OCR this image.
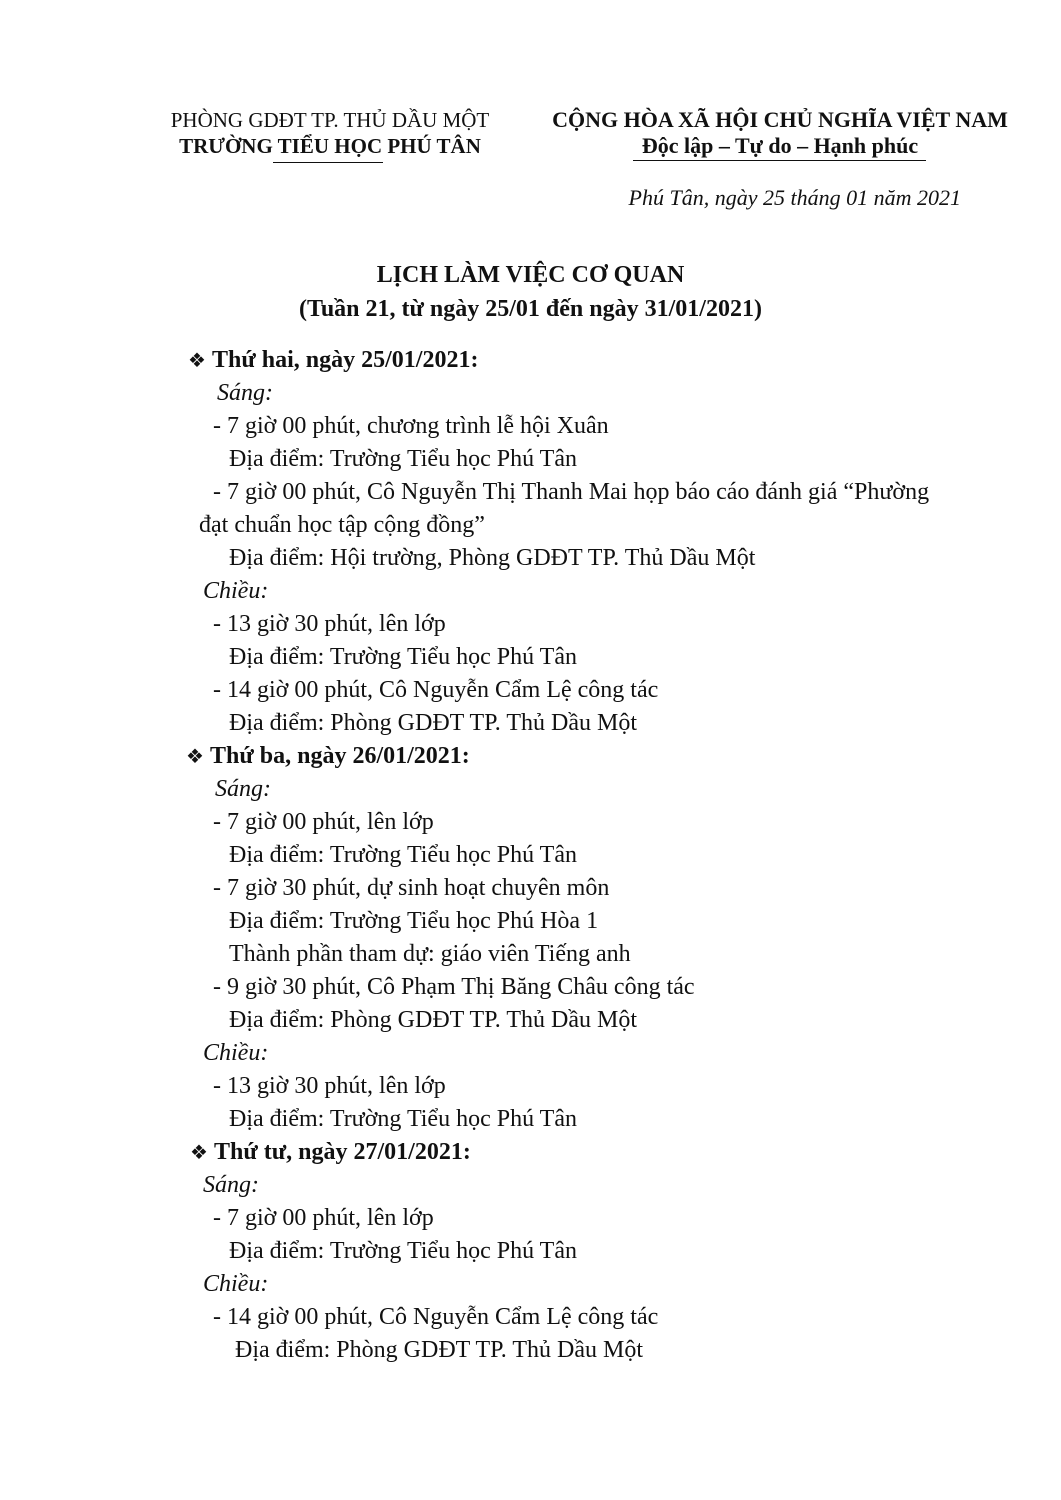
PHÒNG GDĐT TP. THỦ DẦU MỘT
TRƯỜNG TIỂU HỌC PHÚ TÂN
CỘNG HÒA XÃ HỘI CHỦ NGHĨA VIỆT NAM
Độc lập – Tự do – Hạnh phúc
Phú Tân, ngày 25 tháng 01 năm 2021
LỊCH LÀM VIỆC CƠ QUAN
(Tuần 21, từ ngày 25/01 đến ngày 31/01/2021)
❖ Thứ hai, ngày 25/01/2021:
Sáng:
- 7 giờ 00 phút, chương trình lễ hội Xuân
Địa điểm: Trường Tiểu học Phú Tân
- 7 giờ 00 phút, Cô Nguyễn Thị Thanh Mai họp báo cáo đánh giá “Phường
đạt chuẩn học tập cộng đồng”
Địa điểm: Hội trường, Phòng GDĐT TP. Thủ Dầu Một
Chiều:
- 13 giờ 30 phút, lên lớp
Địa điểm: Trường Tiểu học Phú Tân
- 14 giờ 00 phút, Cô Nguyễn Cẩm Lệ công tác
Địa điểm: Phòng GDĐT TP. Thủ Dầu Một
❖ Thứ ba, ngày 26/01/2021:
Sáng:
- 7 giờ 00 phút, lên lớp
Địa điểm: Trường Tiểu học Phú Tân
- 7 giờ 30 phút, dự sinh hoạt chuyên môn
Địa điểm: Trường Tiểu học Phú Hòa 1
Thành phần tham dự: giáo viên Tiếng anh
- 9 giờ 30 phút, Cô Phạm Thị Băng Châu công tác
Địa điểm: Phòng GDĐT TP. Thủ Dầu Một
Chiều:
- 13 giờ 30 phút, lên lớp
Địa điểm: Trường Tiểu học Phú Tân
❖ Thứ tư, ngày 27/01/2021:
Sáng:
- 7 giờ 00 phút, lên lớp
Địa điểm: Trường Tiểu học Phú Tân
Chiều:
- 14 giờ 00 phút, Cô Nguyễn Cẩm Lệ công tác
Địa điểm: Phòng GDĐT TP. Thủ Dầu Một
